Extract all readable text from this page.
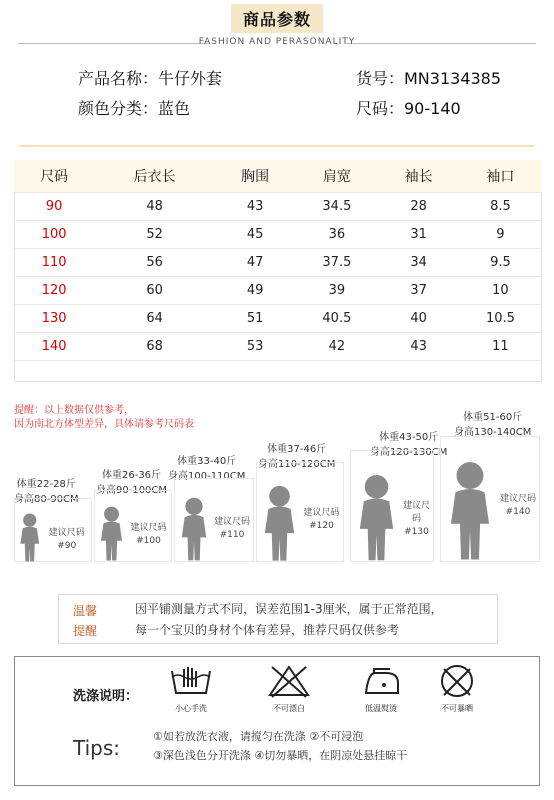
商品参数
FASHION AND PERASONALITY
产品名称：牛仔外套
颜色分类：蓝色
货号：MN3134385
尺码：90-140
尺码	后衣长	胸围	肩宽	袖长	袖口
90	48	43	34.5	28	8.5
100	52	45	36	31	9
110	56	47	37.5	34	9.5
120	60	49	39	37	10
130	64	51	40.5	40	10.5
140	68	53	42	43	11

提醒：以上数据仅供参考，
因为南北方体型差异，具体请参考尺码表
体重22-28斤
身高80-90CM
建议尺码
#90
体重26-36斤
身高90-100CM
建议尺码
#100
体重33-40斤
身高100-110CM
建议尺码
#110
体重37-46斤
身高110-120CM
建议尺码
#120
体重43-50斤
身高120-130CM
建议尺码
#130
体重51-60斤
身高130-140CM
建议尺码
#140
温馨
提醒
因平铺测量方式不同，误差范围1-3厘米，属于正常范围，
每一个宝贝的身材个体有差异，推荐尺码仅供参考
洗涤说明：
小心手洗	不可漂白	低温熨烫	不可暴晒
Tips:	①如若放洗衣液，请搅匀在洗涤 ②不可浸泡
③深色浅色分开洗涤 ④切勿暴晒，在阴凉处悬挂晾干
